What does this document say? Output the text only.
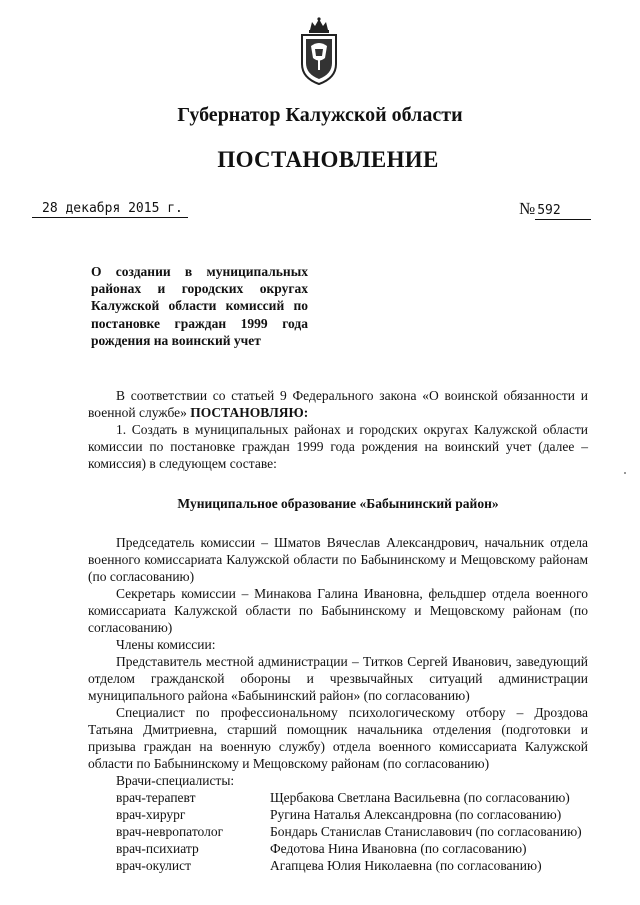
Губернатор Калужской области
ПОСТАНОВЛЕНИЕ
28 декабря 2015 г.	№ 592
О создании в муниципальных районах и городских округах Калужской области комиссий по постановке граждан 1999 года рождения на воинский учет

В соответствии со статьей 9 Федерального закона «О воинской обязанности и военной службе» ПОСТАНОВЛЯЮ:

1. Создать в муниципальных районах и городских округах Калужской области комиссии по постановке граждан 1999 года рождения на воинский учет (далее – комиссия) в следующем составе:

Муниципальное образование «Бабынинский район»

Председатель комиссии – Шматов Вячеслав Александрович, начальник отдела военного комиссариата Калужской области по Бабынинскому и Мещовскому районам (по согласованию)

Секретарь комиссии – Минакова Галина Ивановна, фельдшер отдела военного комиссариата Калужской области по Бабынинскому и Мещовскому районам (по согласованию)

Члены комиссии:

Представитель местной администрации – Титков Сергей Иванович, заведующий отделом гражданской обороны и чрезвычайных ситуаций администрации муниципального района «Бабынинский район» (по согласованию)

Специалист по профессиональному психологическому отбору – Дроздова Татьяна Дмитриевна, старший помощник начальника отделения (подготовки и призыва граждан на военную службу) отдела военного комиссариата Калужской области по Бабынинскому и Мещовскому районам (по согласованию)

Врачи-специалисты:

врач-терапевт	Щербакова Светлана Васильевна (по согласованию)
врач-хирург	Ругина Наталья Александровна (по согласованию)
врач-невропатолог	Бондарь Станислав Станиславович (по согласованию)
врач-психиатр	Федотова Нина Ивановна (по согласованию)
врач-окулист	Агапцева Юлия Николаевна (по согласованию)
